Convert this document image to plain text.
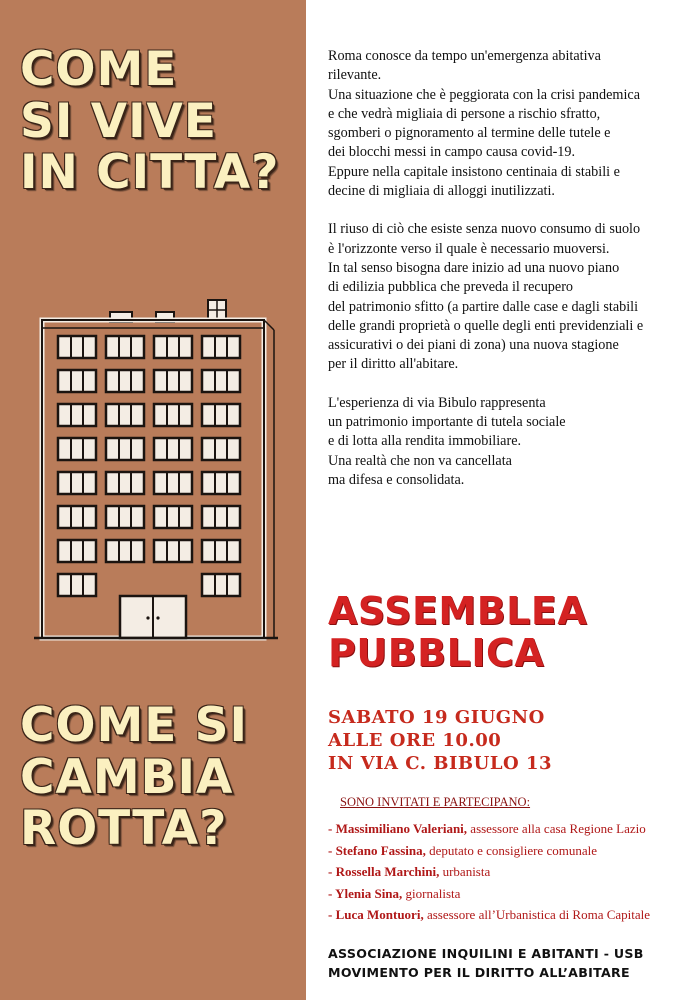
COME
SI VIVE
IN CITTA?
COME SI
CAMBIA
ROTTA?

Roma conosce da tempo un'emergenza abitativa
rilevante.
Una situazione che è peggiorata con la crisi pandemica
e che vedrà migliaia di persone a rischio sfratto,
sgomberi o pignoramento al termine delle tutele e
dei blocchi messi in campo causa covid-19.
Eppure nella capitale insistono centinaia di stabili e
decine di migliaia di alloggi inutilizzati.

Il riuso di ciò che esiste senza nuovo consumo di suolo
è l'orizzonte verso il quale è necessario muoversi.
In tal senso bisogna dare inizio ad una nuovo piano
di edilizia pubblica che preveda il recupero
del patrimonio sfitto (a partire dalle case e dagli stabili
delle grandi proprietà o quelle degli enti previdenziali e
assicurativi o dei piani di zona) una nuova stagione
per il diritto all'abitare.

L'esperienza di via Bibulo rappresenta
un patrimonio importante di tutela sociale
e di lotta alla rendita immobiliare.
Una realtà che non va cancellata
ma difesa e consolidata.

ASSEMBLEA
PUBBLICA
SABATO 19 GIUGNO
ALLE ORE 10.00
IN VIA C. BIBULO 13
SONO INVITATI E PARTECIPANO:
- Massimiliano Valeriani, assessore alla casa Regione Lazio
- Stefano Fassina, deputato e consigliere comunale
- Rossella Marchini, urbanista
- Ylenia Sina, giornalista
- Luca Montuori, assessore all’Urbanistica di Roma Capitale
ASSOCIAZIONE INQUILINI E ABITANTI - USB
MOVIMENTO PER IL DIRITTO ALL’ABITARE
